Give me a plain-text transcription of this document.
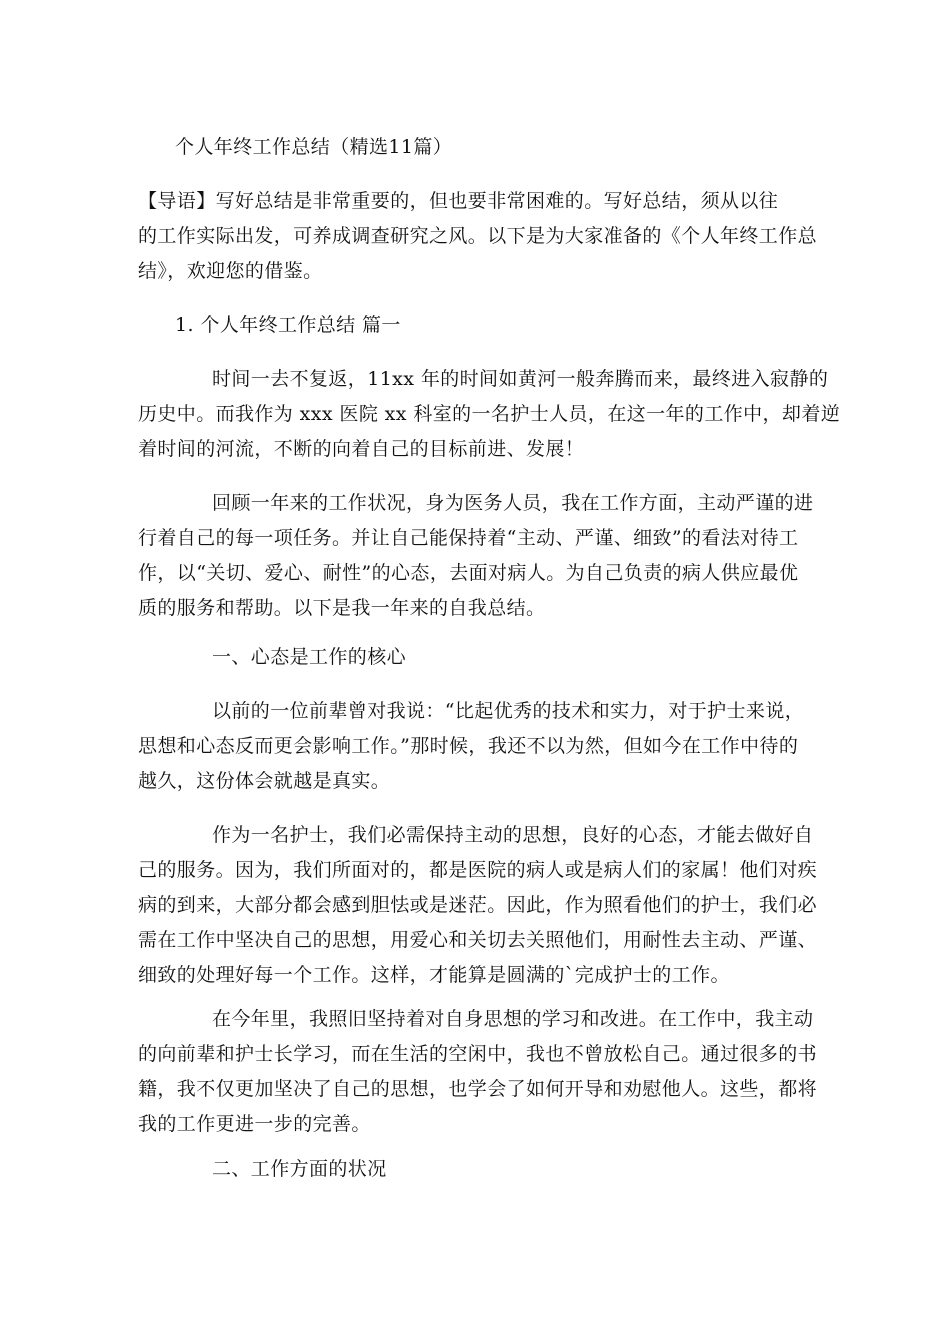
个人年终工作总结（精选11篇）
【导语】写好总结是非常重要的，但也要非常困难的。写好总结，须从以往
的工作实际出发，可养成调查研究之风。以下是为大家准备的《个人年终工作总
结》，欢迎您的借鉴。
1. 个人年终工作总结 篇一
时间一去不复返，11xx 年的时间如黄河一般奔腾而来，最终进入寂静的
历史中。而我作为 xxx 医院 xx 科室的一名护士人员，在这一年的工作中，却着逆
着时间的河流，不断的向着自己的目标前进、发展！
回顾一年来的工作状况，身为医务人员，我在工作方面，主动严谨的进
行着自己的每一项任务。并让自己能保持着“主动、严谨、细致”的看法对待工
作，以“关切、爱心、耐性”的心态，去面对病人。为自己负责的病人供应最优
质的服务和帮助。以下是我一年来的自我总结。
一、心态是工作的核心
以前的一位前辈曾对我说：“比起优秀的技术和实力，对于护士来说，
思想和心态反而更会影响工作。”那时候，我还不以为然，但如今在工作中待的
越久，这份体会就越是真实。
作为一名护士，我们必需保持主动的思想，良好的心态，才能去做好自
己的服务。因为，我们所面对的，都是医院的病人或是病人们的家属！他们对疾
病的到来，大部分都会感到胆怯或是迷茫。因此，作为照看他们的护士，我们必
需在工作中坚决自己的思想，用爱心和关切去关照他们，用耐性去主动、严谨、
细致的处理好每一个工作。这样，才能算是圆满的`完成护士的工作。
在今年里，我照旧坚持着对自身思想的学习和改进。在工作中，我主动
的向前辈和护士长学习，而在生活的空闲中，我也不曾放松自己。通过很多的书
籍，我不仅更加坚决了自己的思想，也学会了如何开导和劝慰他人。这些，都将
我的工作更进一步的完善。
二、工作方面的状况
